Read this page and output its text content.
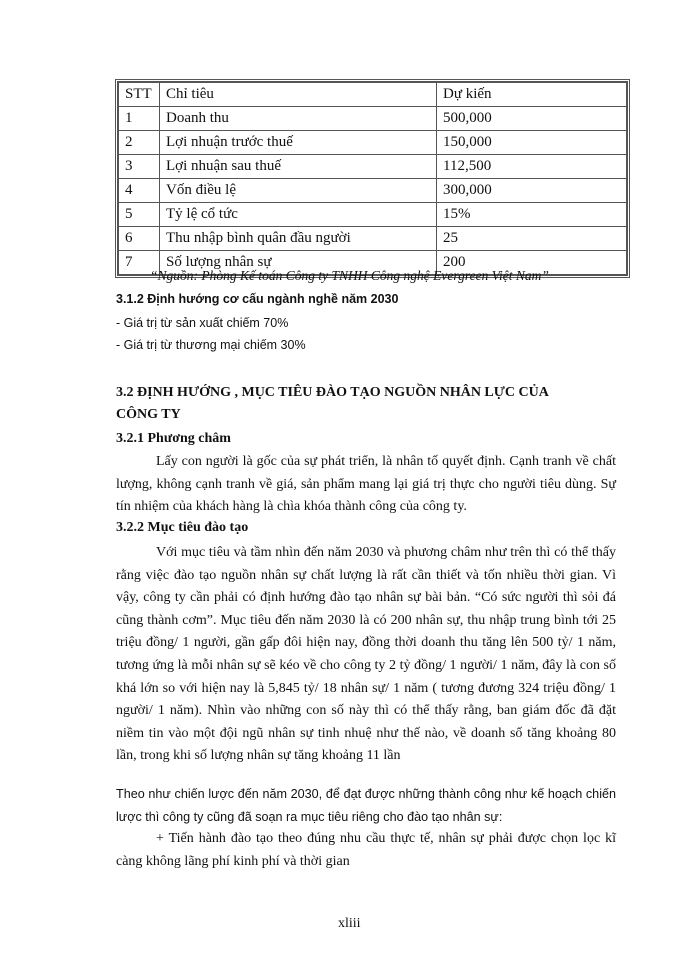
STT	Chỉ tiêu	Dự kiến
1	Doanh thu	500,000
2	Lợi nhuận trước thuế	150,000
3	Lợi nhuận sau thuế	112,500
4	Vốn điều lệ	300,000
5	Tỷ lệ cổ tức	15%
6	Thu nhập bình quân đầu người	25
7	Số lượng nhân sự	200
“Nguồn: Phòng Kế toán Công ty TNHH Công nghệ Evergreen Việt Nam”
3.1.2 Định hướng cơ cấu ngành nghề năm 2030
- Giá trị từ sản xuất chiếm 70%
- Giá trị từ thương mại chiếm 30%
3.2 ĐỊNH HƯỚNG , MỤC TIÊU ĐÀO TẠO NGUỒN NHÂN LỰC CỦA
CÔNG TY
3.2.1 Phương châm
Lấy con người là gốc của sự phát triển, là nhân tố quyết định. Cạnh tranh về chất lượng, không cạnh tranh về giá, sản phẩm mang lại giá trị thực cho người tiêu dùng. Sự tín nhiệm của khách hàng là chìa khóa thành công của công ty.
3.2.2 Mục tiêu đào tạo
Với mục tiêu và tầm nhìn đến năm 2030 và phương châm như trên thì có thể thấy rằng việc đào tạo nguồn nhân sự chất lượng là rất cần thiết và tốn nhiều thời gian. Vì vậy, công ty cần phải có định hướng đào tạo nhân sự bài bản. “Có sức người thì sỏi đá cũng thành cơm”. Mục tiêu đến năm 2030 là có 200 nhân sự, thu nhập trung bình tới 25 triệu đồng/ 1 người, gần gấp đôi hiện nay, đồng thời doanh thu tăng lên 500 tỷ/ 1 năm, tương ứng là mỗi nhân sự sẽ kéo về cho công ty 2 tỷ đồng/ 1 người/ 1 năm, đây là con số khá lớn so với hiện nay là 5,845 tỷ/ 18 nhân sự/ 1 năm ( tương đương 324 triệu đồng/ 1 người/ 1 năm). Nhìn vào những con số này thì có thể thấy rằng, ban giám đốc đã đặt niềm tin vào một đội ngũ nhân sự tinh nhuệ như thế nào, về doanh số tăng khoảng 80 lần, trong khi số lượng nhân sự tăng khoảng 11 lần
Theo như chiến lược đến năm 2030, để đạt được những thành công như kế hoạch chiến lược thì công ty cũng đã soạn ra mục tiêu riêng cho đào tạo nhân sự:
+ Tiến hành đào tạo theo đúng nhu cầu thực tế, nhân sự phải được chọn lọc kĩ càng không lãng phí kinh phí và thời gian
xliii
